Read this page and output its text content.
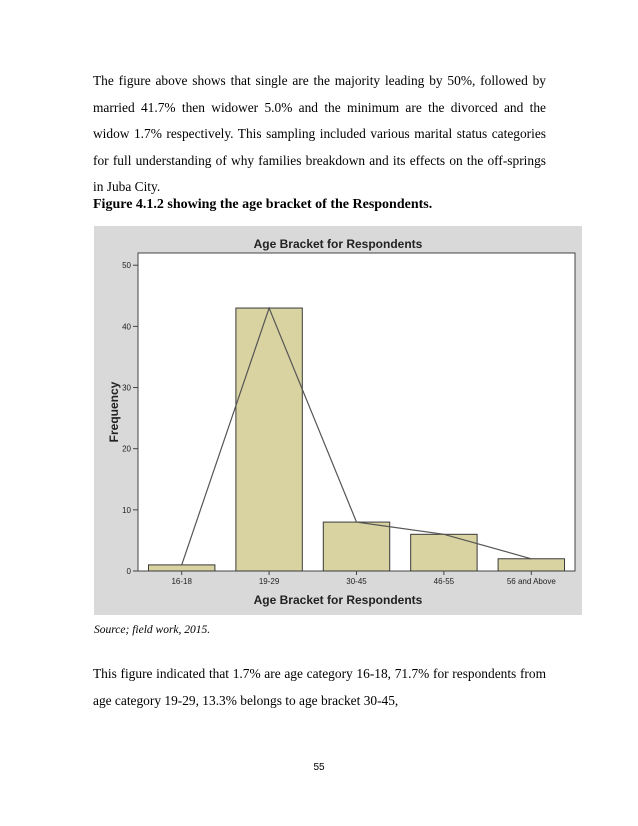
The figure above shows that single are the majority leading by 50%, followed by married 41.7% then widower 5.0% and the minimum are the divorced and the widow 1.7% respectively. This sampling included various marital status categories for full understanding of why families breakdown and its effects on the off-springs in Juba City.

Figure 4.1.2 showing the age bracket of the Respondents.
Age Bracket for Respondents
0
10
20
30
40
50
16-18	19-29	30-45	46-55	56 and Above
Frequency
Age Bracket for Respondents
Source; field work, 2015.

This figure indicated that 1.7% are age category 16-18, 71.7% for respondents from age category 19-29, 13.3% belongs to age bracket 30-45,

55
